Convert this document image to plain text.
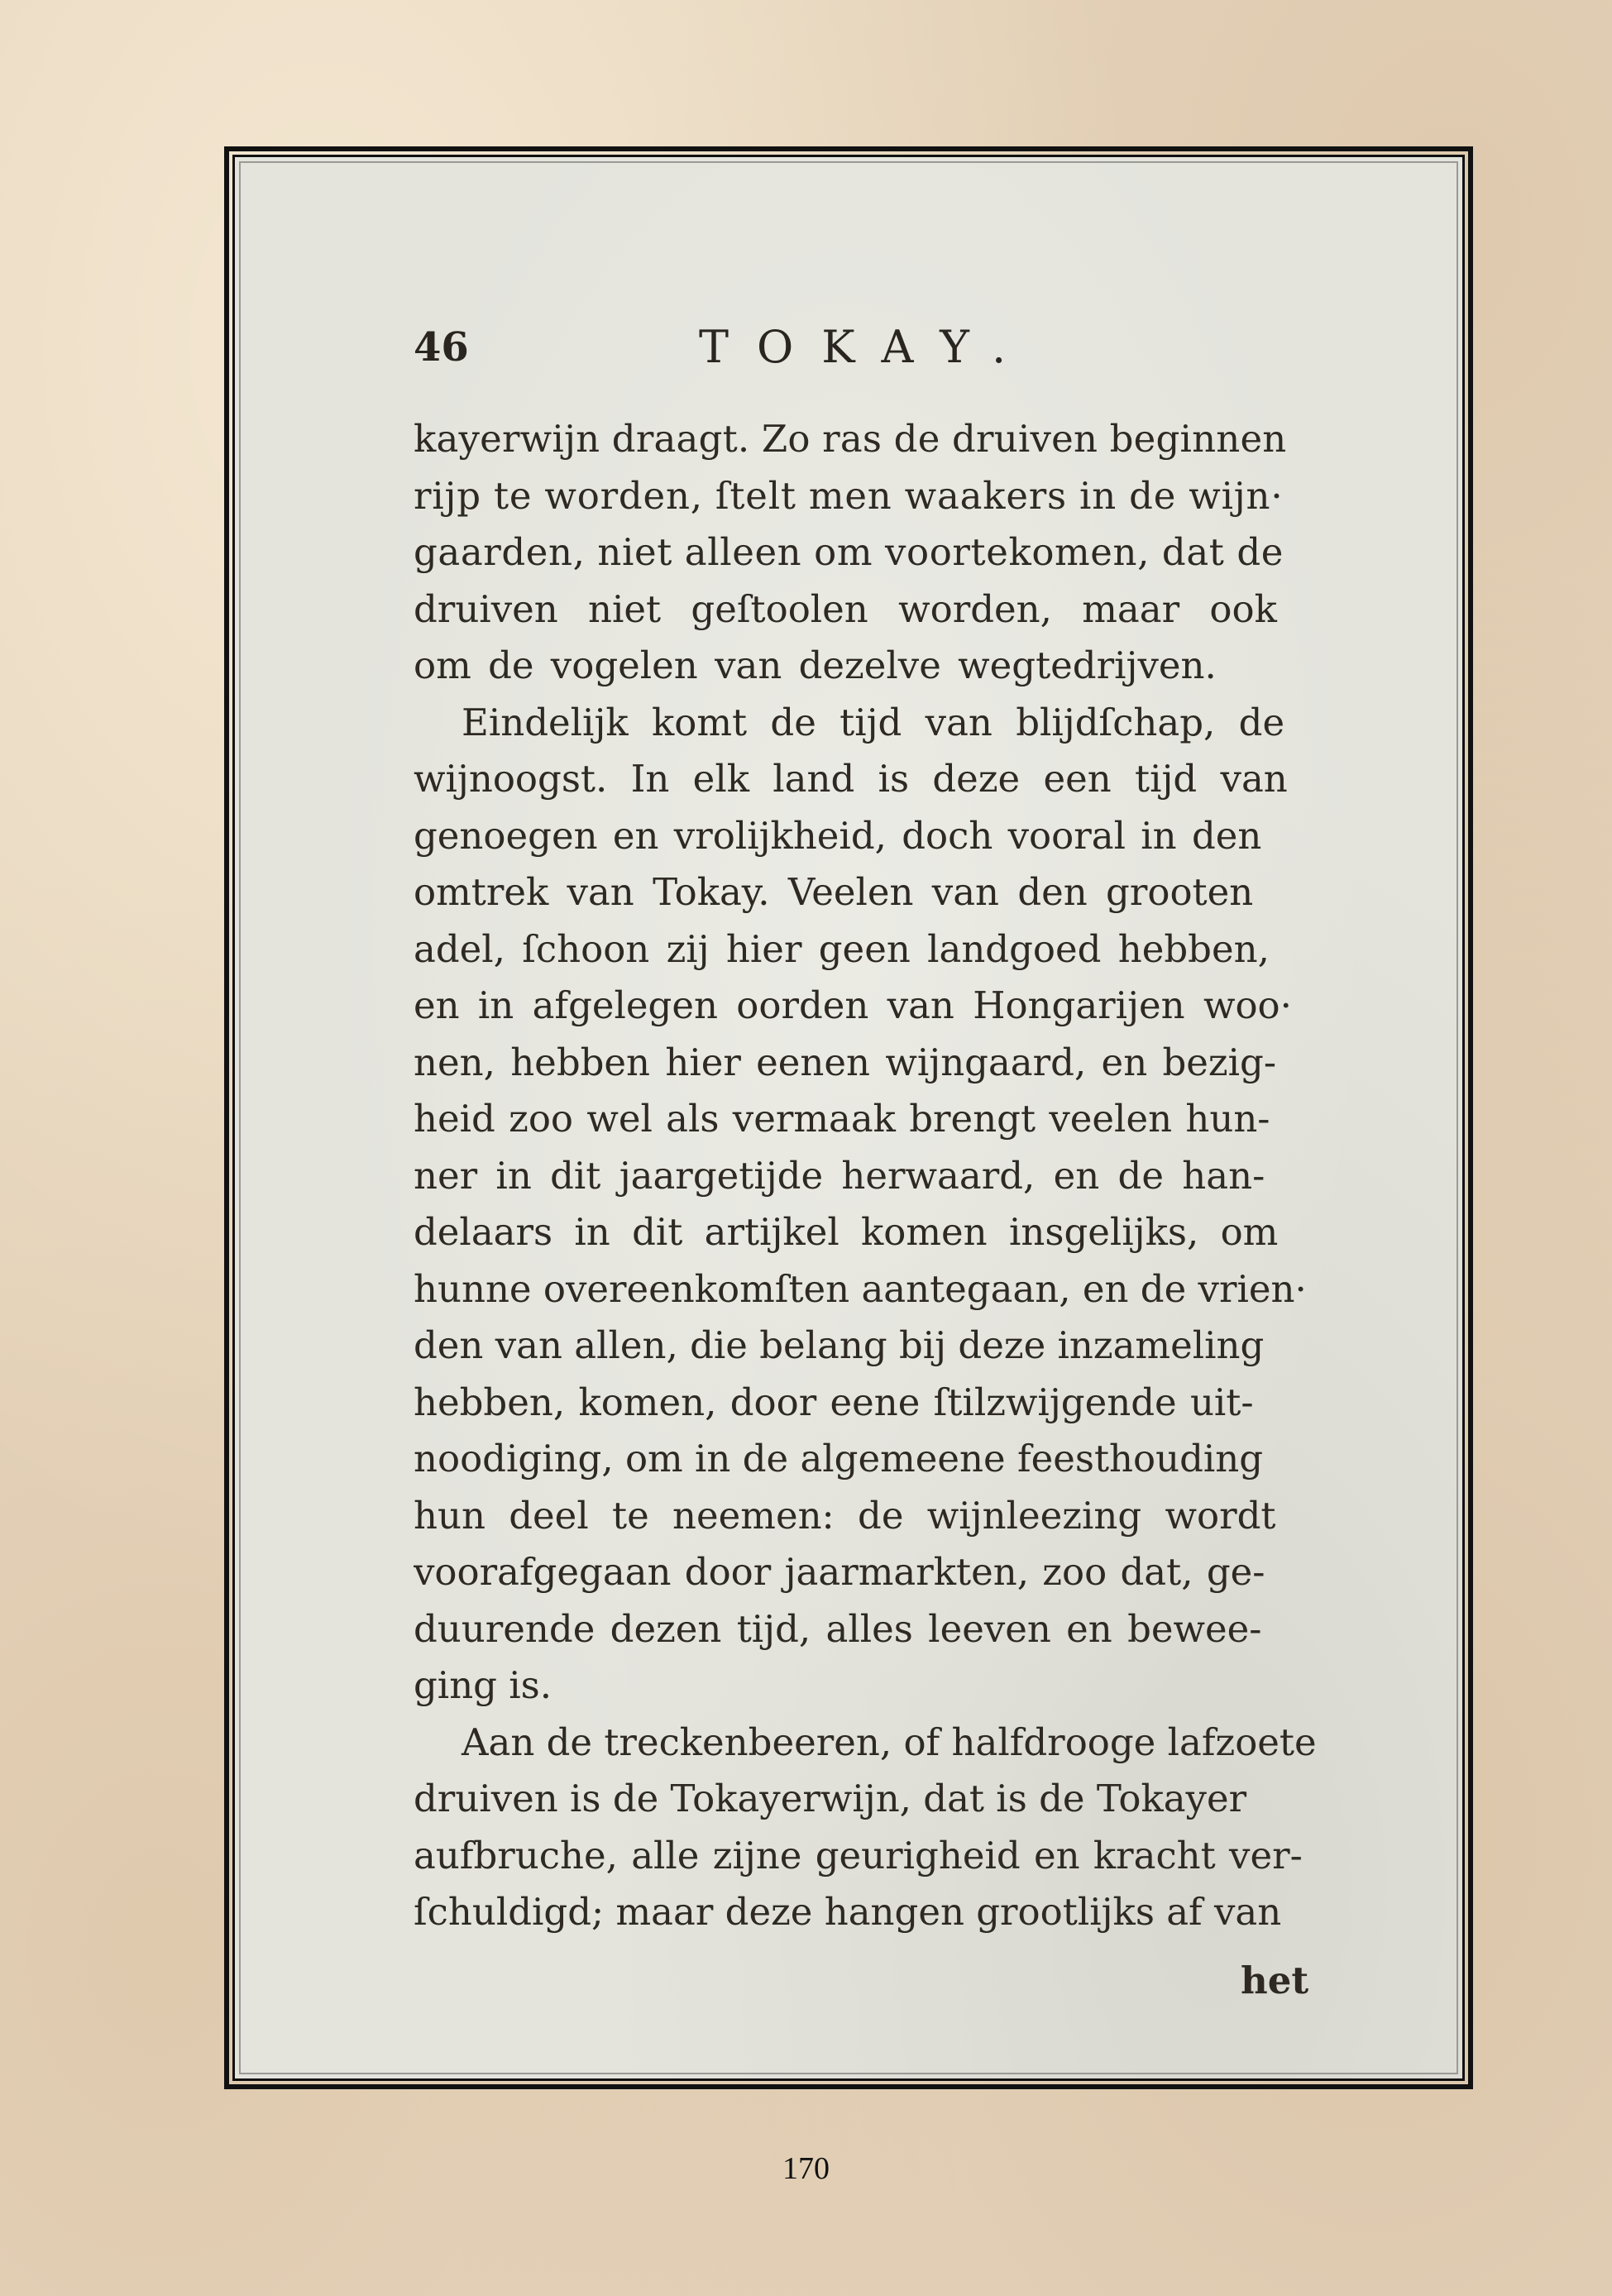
46	TOKAY.
kayerwijn draagt. Zo ras de druiven beginnen
rijp te worden, ſtelt men waakers in de wijn·
gaarden, niet alleen om voortekomen, dat de
druiven niet geſtoolen worden, maar ook
om de vogelen van dezelve wegtedrijven.
Eindelijk komt de tijd van blijdſchap, de
wijnoogst. In elk land is deze een tijd van
genoegen en vrolijkheid, doch vooral in den
omtrek van Tokay. Veelen van den grooten
adel, ſchoon zij hier geen landgoed hebben,
en in afgelegen oorden van Hongarijen woo·
nen, hebben hier eenen wijngaard, en bezig-
heid zoo wel als vermaak brengt veelen hun-
ner in dit jaargetijde herwaard, en de han-
delaars in dit artijkel komen insgelijks, om
hunne overeenkomſten aantegaan, en de vrien·
den van allen, die belang bij deze inzameling
hebben, komen, door eene ſtilzwijgende uit-
noodiging, om in de algemeene feesthouding
hun deel te neemen: de wijnleezing wordt
voorafgegaan door jaarmarkten, zoo dat, ge-
duurende dezen tijd, alles leeven en bewee-
ging is.
Aan de treckenbeeren, of halfdrooge lafzoete
druiven is de Tokayerwijn, dat is de Tokayer
aufbruche, alle zijne geurigheid en kracht ver-
ſchuldigd; maar deze hangen grootlijks af van
het
170
